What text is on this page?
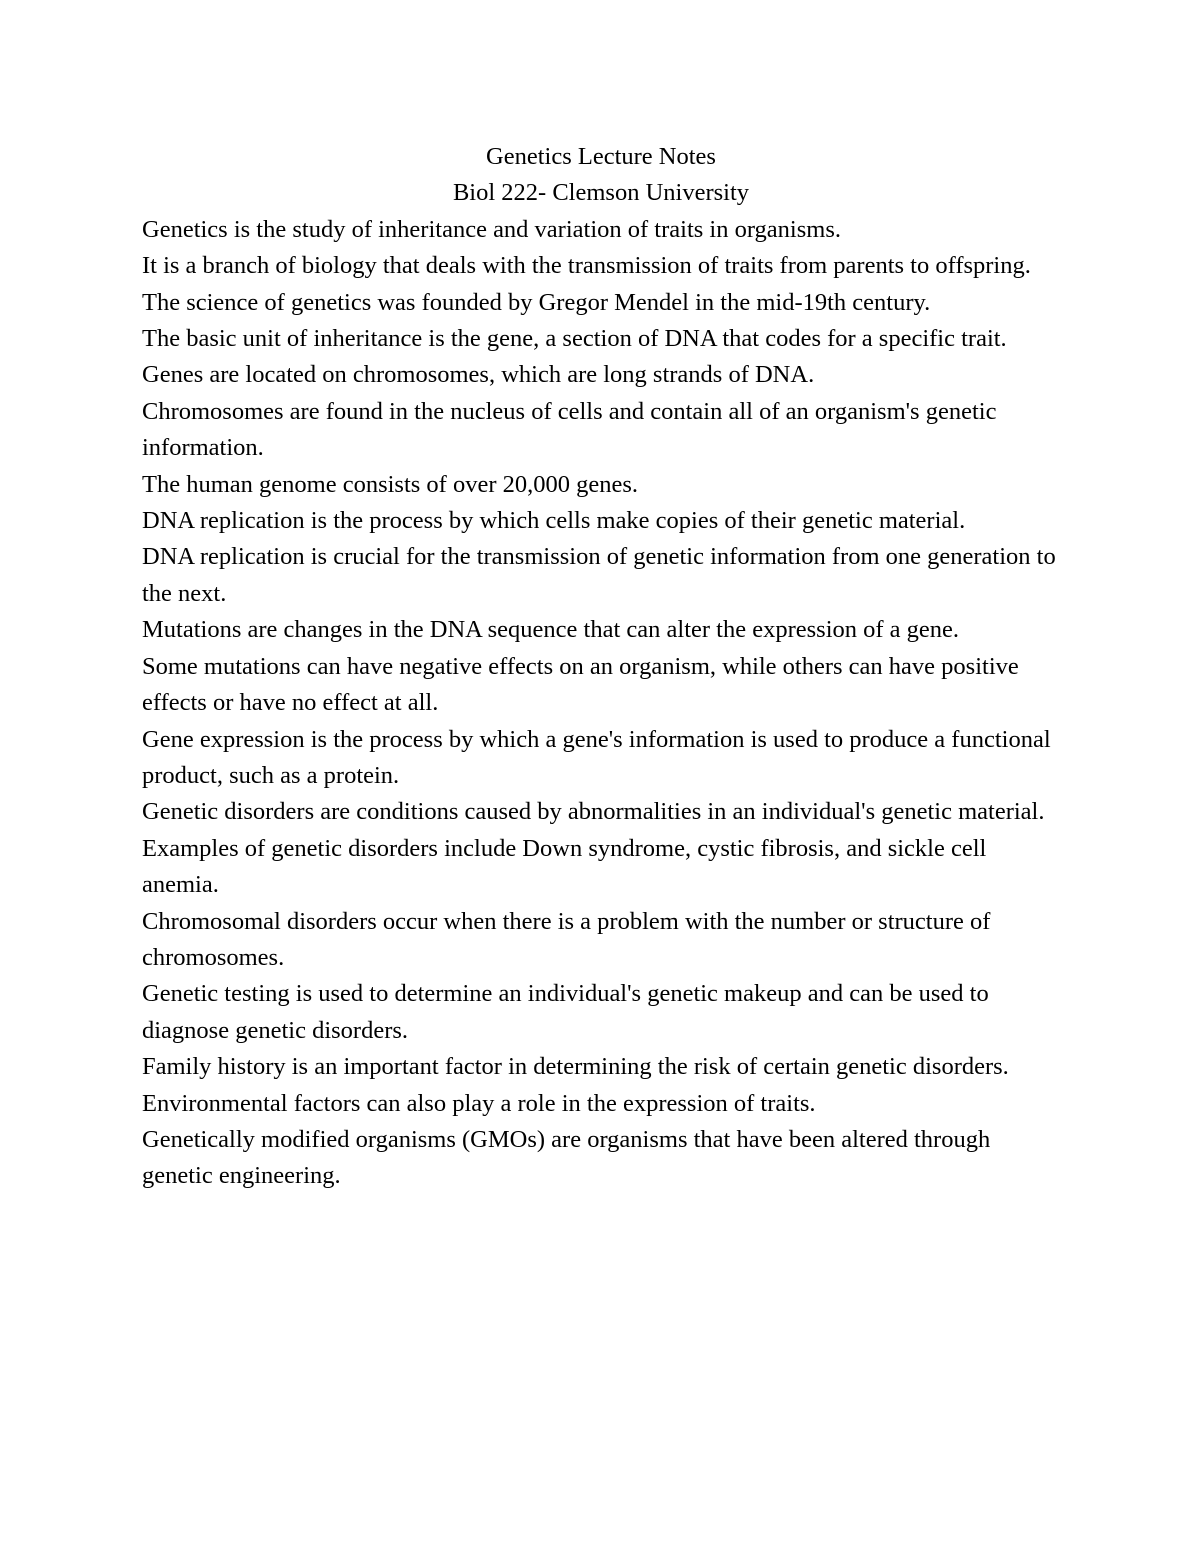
Genetics Lecture Notes

Biol 222- Clemson University

Genetics is the study of inheritance and variation of traits in organisms.

It is a branch of biology that deals with the transmission of traits from parents to offspring.

The science of genetics was founded by Gregor Mendel in the mid-19th century.

The basic unit of inheritance is the gene, a section of DNA that codes for a specific trait.

Genes are located on chromosomes, which are long strands of DNA.

Chromosomes are found in the nucleus of cells and contain all of an organism's genetic information.

The human genome consists of over 20,000 genes.

DNA replication is the process by which cells make copies of their genetic material.

DNA replication is crucial for the transmission of genetic information from one generation to the next.

Mutations are changes in the DNA sequence that can alter the expression of a gene.

Some mutations can have negative effects on an organism, while others can have positive effects or have no effect at all.

Gene expression is the process by which a gene's information is used to produce a functional product, such as a protein.

Genetic disorders are conditions caused by abnormalities in an individual's genetic material.

Examples of genetic disorders include Down syndrome, cystic fibrosis, and sickle cell anemia.

Chromosomal disorders occur when there is a problem with the number or structure of chromosomes.

Genetic testing is used to determine an individual's genetic makeup and can be used to diagnose genetic disorders.

Family history is an important factor in determining the risk of certain genetic disorders.

Environmental factors can also play a role in the expression of traits.

Genetically modified organisms (GMOs) are organisms that have been altered through genetic engineering.
